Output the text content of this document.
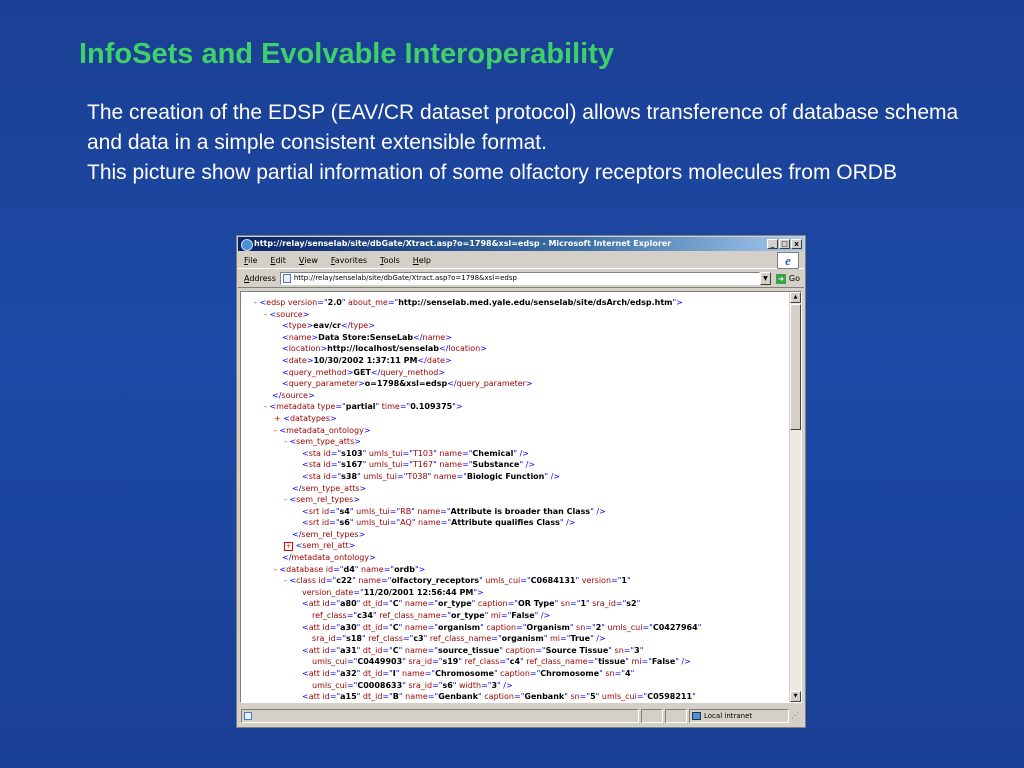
InfoSets and Evolvable Interoperability

The creation of the EDSP (EAV/CR dataset protocol) allows transference of database schema and data in a simple consistent extensible format.

This picture show partial information of some olfactory receptors molecules from ORDB

http://relay/senselab/site/dbGate/Xtract.asp?o=1798&xsl=edsp - Microsoft Internet Explorer	_ □ x
File Edit View Favorites Tools Help	e
Address	http://relay/senselab/site/dbGate/Xtract.asp?o=1798&xsl=edsp	▼	➜ Go
- <edsp version="2.0" about_me="http://senselab.med.yale.edu/senselab/site/dsArch/edsp.htm">
- <source>
<type>eav/cr</type>
<name>Data Store:SenseLab</name>
<location>http://localhost/senselab</location>
<date>10/30/2002 1:37:11 PM</date>
<query_method>GET</query_method>
<query_parameter>o=1798&xsl=edsp</query_parameter>
</source>
- <metadata type="partial" time="0.109375">
+ <datatypes>
- <metadata_ontology>
- <sem_type_atts>
<sta id="s103" umls_tui="T103" name="Chemical" />
<sta id="s167" umls_tui="T167" name="Substance" />
<sta id="s38" umls_tui="T038" name="Biologic Function" />
</sem_type_atts>
- <sem_rel_types>
<srt id="s4" umls_tui="RB" name="Attribute is broader than Class" />
<srt id="s6" umls_tui="AQ" name="Attribute qualifies Class" />
</sem_rel_types>
+ <sem_rel_att>
</metadata_ontology>
- <database id="d4" name="ordb">
- <class id="c22" name="olfactory_receptors" umls_cui="C0684131" version="1"
version_date="11/20/2001 12:56:44 PM">
<att id="a80" dt_id="C" name="or_type" caption="OR Type" sn="1" sra_id="s2"
ref_class="c34" ref_class_name="or_type" mi="False" />
<att id="a30" dt_id="C" name="organism" caption="Organism" sn="2" umls_cui="C0427964"
sra_id="s18" ref_class="c3" ref_class_name="organism" mi="True" />
<att id="a31" dt_id="C" name="source_tissue" caption="Source Tissue" sn="3"
umls_cui="C0449903" sra_id="s19" ref_class="c4" ref_class_name="tissue" mi="False" />
<att id="a32" dt_id="I" name="Chromosome" caption="Chromosome" sn="4"
umls_cui="C0008633" sra_id="s6" width="3" />
<att id="a15" dt_id="B" name="Genbank" caption="Genbank" sn="5" umls_cui="C0598211"
▲
▼
Local intranet	⋰
